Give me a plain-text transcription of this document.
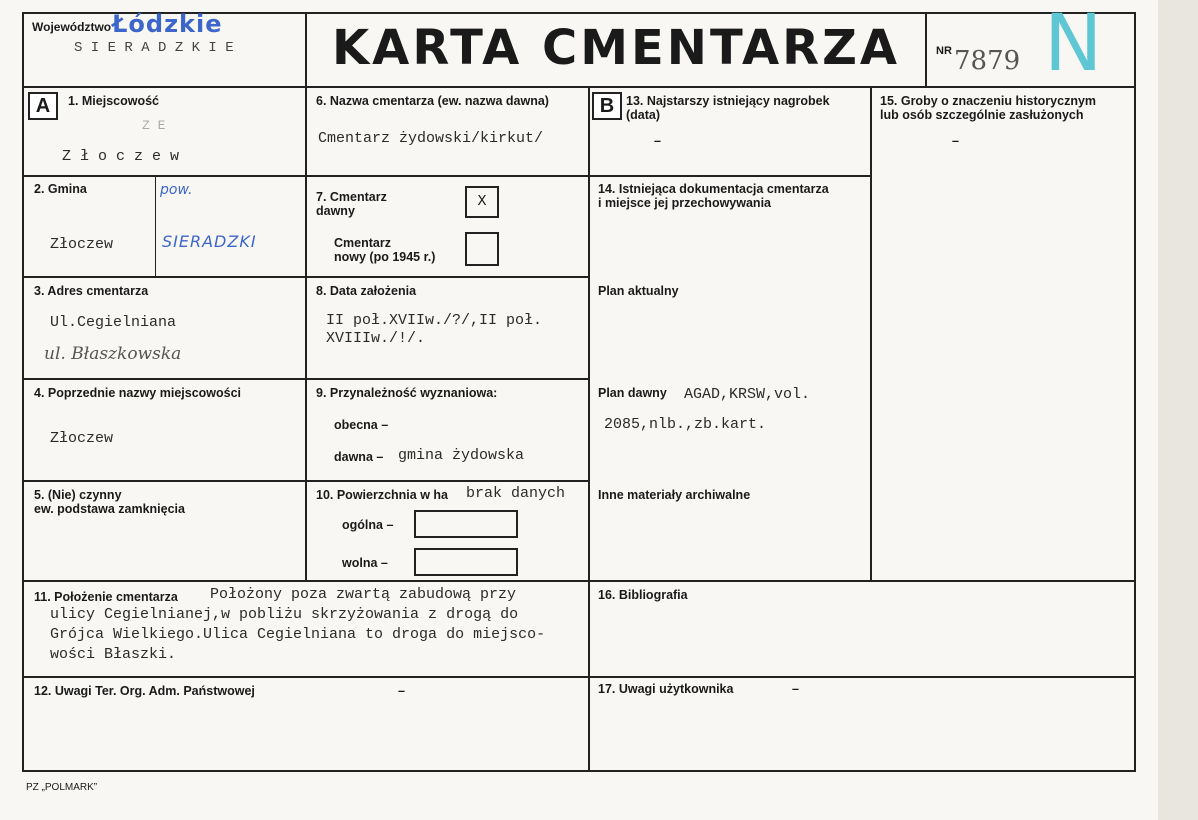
Województwo Łódzkie
S I E R A D Z K I E	KARTA CMENTARZA	NR 7879 N
A	1. Miejscowość
Z E
Z ł o c z e w
2. Gmina	pow.
Złoczew	SIERADZKI
3. Adres cmentarza
Ul.Cegielniana
ul. Błaszkowska
4. Poprzednie nazwy miejscowości
Złoczew
5. (Nie) czynny
ew. podstawa zamknięcia
6. Nazwa cmentarza (ew. nazwa dawna)
Cmentarz żydowski/kirkut/
7. Cmentarz
dawny
X
Cmentarz
nowy (po 1945 r.)
8. Data założenia
II poł.XVIIw./?/,II poł.
XVIIIw./!/.
9. Przynależność wyznaniowa:
obecna –
dawna – gmina żydowska
10. Powierzchnia w ha brak danych
ogólna –
wolna –
B 13. Najstarszy istniejący nagrobek
(data)
–
14. Istniejąca dokumentacja cmentarza
i miejsce jej przechowywania
Plan aktualny
Plan dawny AGAD,KRSW,vol.
2085,nlb.,zb.kart.
Inne materiały archiwalne
15. Groby o znaczeniu historycznym
lub osób szczególnie zasłużonych
–
11. Położenie cmentarza Położony poza zwartą zabudową przy
ulicy Cegielnianej,w pobliżu skrzyżowania z drogą do
Grójca Wielkiego.Ulica Cegielniana to droga do miejsco-
wości Błaszki.
16. Bibliografia
12. Uwagi Ter. Org. Adm. Państwowej	–	17. Uwagi użytkownika	–
PZ „POLMARK”
